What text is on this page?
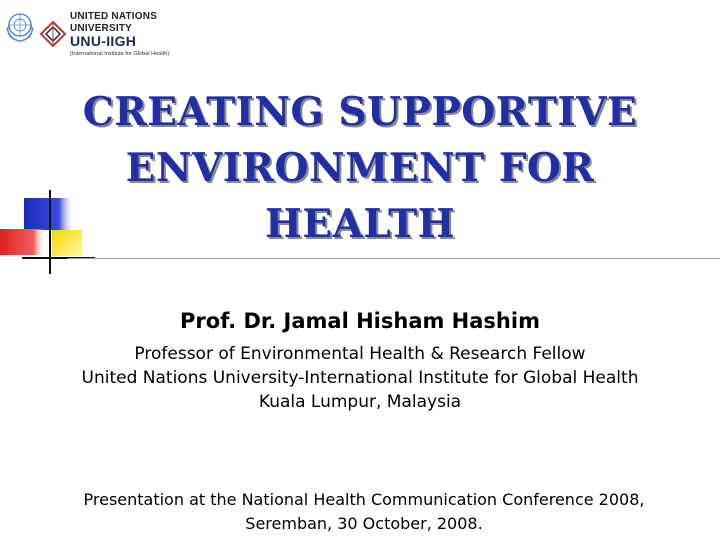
UNITED NATIONS
UNIVERSITY
UNU-IIGH
(International Institute for Global Health)
CREATING SUPPORTIVE
ENVIRONMENT FOR
HEALTH
Prof. Dr. Jamal Hisham Hashim
Professor of Environmental Health & Research Fellow
United Nations University-International Institute for Global Health
Kuala Lumpur, Malaysia
Presentation at the National Health Communication Conference 2008,
Seremban, 30 October, 2008.
